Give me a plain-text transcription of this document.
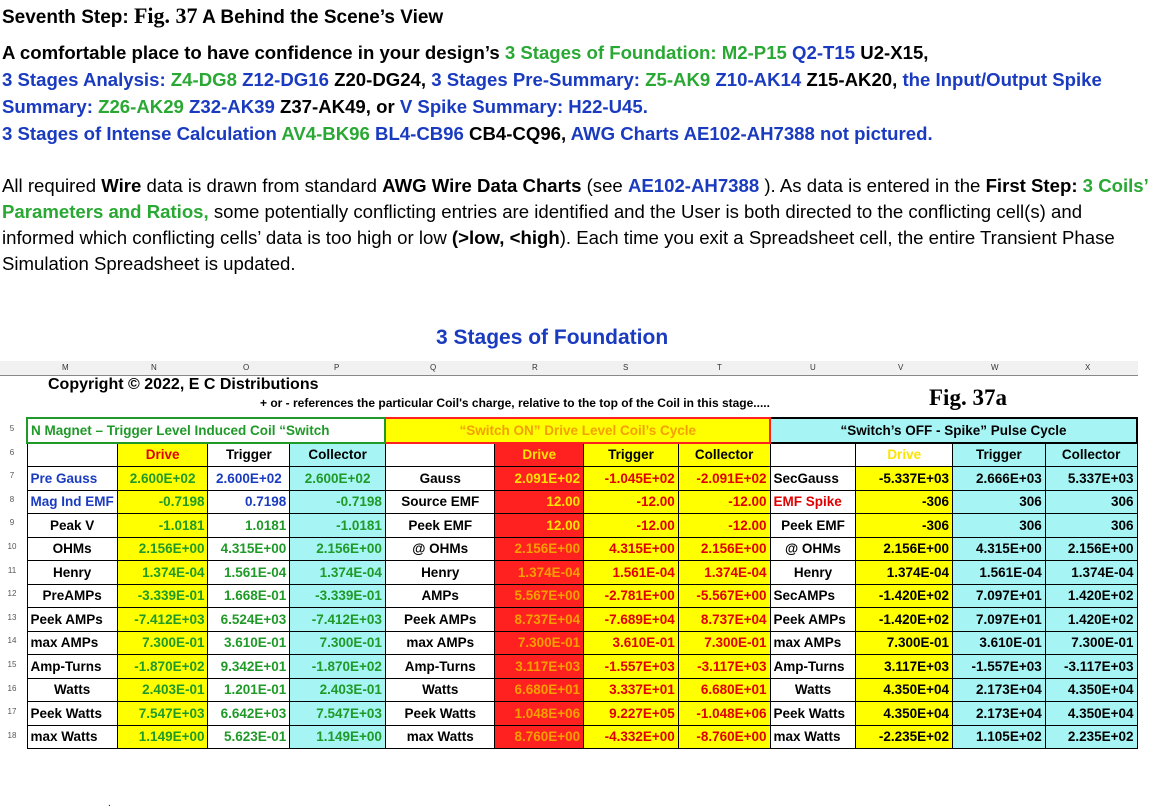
Seventh Step: Fig. 37 A Behind the Scene’s View
A comfortable place to have confidence in your design’s 3 Stages of Foundation: M2-P15 Q2-T15 U2-X15,
3 Stages Analysis: Z4-DG8 Z12-DG16 Z20-DG24, 3 Stages Pre-Summary: Z5-AK9 Z10-AK14 Z15-AK20, the Input/Output Spike Summary: Z26-AK29 Z32-AK39 Z37-AK49, or V Spike Summary: H22-U45.
3 Stages of Intense Calculation AV4-BK96 BL4-CB96 CB4-CQ96, AWG Charts AE102-AH7388 not pictured.
All required Wire data is drawn from standard AWG Wire Data Charts (see AE102-AH7388 ). As data is entered in the First Step: 3 Coils’ Parameters and Ratios, some potentially conflicting entries are identified and the User is both directed to the conflicting cell(s) and informed which conflicting cells’ data is too high or low (>low, <high). Each time you exit a Spreadsheet cell, the entire Transient Phase Simulation Spreadsheet is updated.
3 Stages of Foundation
M	N	O	P	Q	R	S	T	U	V	W	X
Copyright © 2022, E C Distributions
+ or - references the particular Coil's charge, relative to the top of the Coil in this stage.....	Fig. 37a
5
6
7
8
9
10
11
12
13
14
15
16
17
18
N Magnet – Trigger Level Induced Coil “Switch				“Switch ON” Drive Level Coil’s Cycle				“Switch’s OFF - Spike” Pulse Cycle			
	Drive	Trigger	Collector		Drive	Trigger	Collector		Drive	Trigger	Collector
Pre Gauss	2.600E+02	2.600E+02	2.600E+02	Gauss	2.091E+02	-1.045E+02	-2.091E+02	SecGauss	-5.337E+03	2.666E+03	5.337E+03
Mag Ind EMF	-0.7198	0.7198	-0.7198	Source EMF	12.00	-12.00	-12.00	EMF Spike	-306	306	306
Peak V	-1.0181	1.0181	-1.0181	Peek EMF	12.00	-12.00	-12.00	Peek EMF	-306	306	306
OHMs	2.156E+00	4.315E+00	2.156E+00	@ OHMs	2.156E+00	4.315E+00	2.156E+00	@ OHMs	2.156E+00	4.315E+00	2.156E+00
Henry	1.374E-04	1.561E-04	1.374E-04	Henry	1.374E-04	1.561E-04	1.374E-04	Henry	1.374E-04	1.561E-04	1.374E-04
PreAMPs	-3.339E-01	1.668E-01	-3.339E-01	AMPs	5.567E+00	-2.781E+00	-5.567E+00	SecAMPs	-1.420E+02	7.097E+01	1.420E+02
Peek AMPs	-7.412E+03	6.524E+03	-7.412E+03	Peek AMPs	8.737E+04	-7.689E+04	8.737E+04	Peek AMPs	-1.420E+02	7.097E+01	1.420E+02
max AMPs	7.300E-01	3.610E-01	7.300E-01	max AMPs	7.300E-01	3.610E-01	7.300E-01	max AMPs	7.300E-01	3.610E-01	7.300E-01
Amp-Turns	-1.870E+02	9.342E+01	-1.870E+02	Amp-Turns	3.117E+03	-1.557E+03	-3.117E+03	Amp-Turns	3.117E+03	-1.557E+03	-3.117E+03
Watts	2.403E-01	1.201E-01	2.403E-01	Watts	6.680E+01	3.337E+01	6.680E+01	Watts	4.350E+04	2.173E+04	4.350E+04
Peek Watts	7.547E+03	6.642E+03	7.547E+03	Peek Watts	1.048E+06	9.227E+05	-1.048E+06	Peek Watts	4.350E+04	2.173E+04	4.350E+04
max Watts	1.149E+00	5.623E-01	1.149E+00	max Watts	8.760E+00	-4.332E+00	-8.760E+00	max Watts	-2.235E+02	1.105E+02	2.235E+02
.
